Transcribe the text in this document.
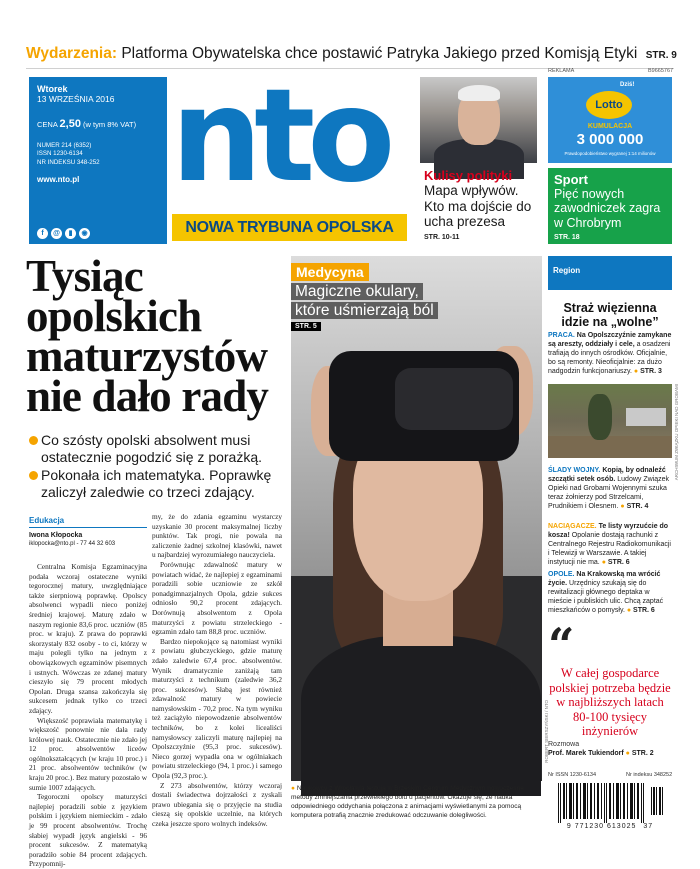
Wydarzenia: Platforma Obywatelska chce postawić Patryka Jakiego przed Komisją Etyki STR. 9
Wtorek
13 WRZEŚNIA 2016
CENA 2,50 (w tym 8% VAT)
NUMER 214 (6352)
ISSN 1230-6134
NR INDEKSU 348-252
www.nto.pl
f @ ▮ ◉
nto
NOWA TRYBUNA OPOLSKA
Kulisy polityki
Mapa wpływów. Kto ma dojście do ucha prezesa
STR. 10-11
REKLAMA	B9665767
Dziś!
Lotto
KUMULACJA
3 000 000
Prawdopodobieństwo wygranej 1:14 milionów
Sport
Pięć nowych zawodniczek zagra w Chrobrym
STR. 18
Tysiąc opolskich maturzystów nie dało rady
Co szósty opolski absolwent musi ostatecznie pogodzić się z porażką.
Pokonała ich matematyka. Poprawkę zaliczył zaledwie co trzeci zdający.
Edukacja
Iwona Kłopocka
iklopocka@nto.pl - 77 44 32 603

Centralna Komisja Egzaminacyjna podała wczoraj ostateczne wyniki tegorocznej matury, uwzględniające także sierpniową poprawkę. Opolscy absolwenci wypadli nieco poniżej średniej krajowej. Maturę zdało w naszym regionie 83,6 proc. uczniów (85 proc. w kraju). Z prawa do poprawki skorzystały 832 osoby - to ci, którzy w maju polegli tylko na jednym z obowiązkowych egzaminów pisemnych i ustnych. Wówczas ze zdanej matury cieszyło się 79 procent młodych Opolan. Druga szansa zakończyła się sukcesem jednak tylko co trzeci zdający.

Większość poprawiała matematykę i większość ponownie nie dała rady królowej nauk. Ostatecznie nie zdało jej 12 proc. absolwentów liceów ogólnokształcących (w kraju 10 proc.) i 21 proc. absolwentów techników (w kraju 20 proc.). Bez matury pozostało w sumie 1007 zdających.

Tegoroczni opolscy maturzyści najlepiej poradzili sobie z językiem polskim i językiem niemieckim - zdało je 99 procent absolwentów. Trochę słabiej wypadł język angielski - 96 procent sukcesów. Z matematyką poradziło sobie 84 procent zdających. Przypomnij-

my, że do zdania egzaminu wystarczy uzyskanie 30 procent maksymalnej liczby punktów. Tak progi, nie powala na zaliczenie żadnej szkolnej klasówki, nawet u najbardziej wyrozumiałego nauczyciela.

Porównując zdawalność matury w powiatach widać, że najlepiej z egzaminami poradzili sobie uczniowie ze szkół ponadgimnazjalnych Opola, gdzie sukces odniosło 90,2 procent zdających. Dorównują absolwentom z Opola maturzyści z powiatu strzeleckiego - egzamin zdało tam 88,8 proc. uczniów.

Bardzo niepokojące są natomiast wyniki z powiatu głubczyckiego, gdzie maturę zdało zaledwie 67,4 proc. absolwentów. Wynik dramatycznie zaniżają tam maturzyści z technikum (zaledwie 36,2 proc. sukcesów). Słabą jest również zdawalność matury w powiecie namysłowskim - 70,2 proc. Na tym wyniku też zaciążyło niepowodzenie absolwentów techników, bo z kolei licealiści namysłowscy zaliczyli maturę najlepiej na Opolszczyźnie (95,3 proc. sukcesów). Nieco gorzej wypadła ona w ogólniakach powiatu strzeleckiego (94, 1 proc.) i samego Opola (92,3 proc.).

Z 273 absolwentów, którzy wczoraj dostali świadectwa dojrzałości z zyskali prawo ubiegania się o przyjęcie na studia cieszą się opolskie uczelnie, na których czeka jeszcze sporo wolnych indeksów.

Medycyna
Magiczne okulary,
które uśmierzają ból
STR. 5
ROBERT SIERSZYŃSKI / NTO
● Naukowcy z Wrocławia testują w Brzeskim Centrum Medycznym nowoczesne metody zmniejszania przewlekłego bólu u pacjentów. Okazuje się, że nauka odpowiedniego oddychania połączona z animacjami wyświetlanymi za pomocą komputera potrafią znacznie zredukować odczuwanie dolegliwości.
Region
Straż więzienna idzie na „wolne”
PRACA. Na Opolszczyźnie zamykane są areszty, oddziały i cele, a osadzeni trafiają do innych ośrodków. Oficjalnie, bo są remonty. Nieoficjalnie: za dużo nadgodzin funkcjonariuszy. ● STR. 3
ARCHIWUM ZWIĄZKU OPIEKI NAD GROBAMI
ŚLADY WOJNY. Kopią, by odnaleźć szczątki setek osób. Ludowy Związek Opieki nad Grobami Wojennymi szuka teraz żołnierzy pod Strzelcami, Prudnikiem i Olesnem. ● STR. 4
NACIĄGACZE. Te listy wyrzućcie do kosza! Opolanie dostają rachunki z Centralnego Rejestru Radiokomunikacji i Telewizji w Warszawie. A takiej instytucji nie ma. ● STR. 6
OPOLE. Na Krakowską ma wrócić życie. Urzędnicy szukają się do rewitalizacji głównego deptaka w mieście i publiskich ulic. Chcą zaptać mieszkańców o pomysły. ● STR. 6
“
W całej gospodarce polskiej potrzeba będzie w najbliższych latach 80-100 tysięcy inżynierów
Rozmowa
Prof. Marek Tukiendorf ● STR. 2
Nr ISSN 1230-6134	Nr indeksu 348252
9 771230 613025 37
